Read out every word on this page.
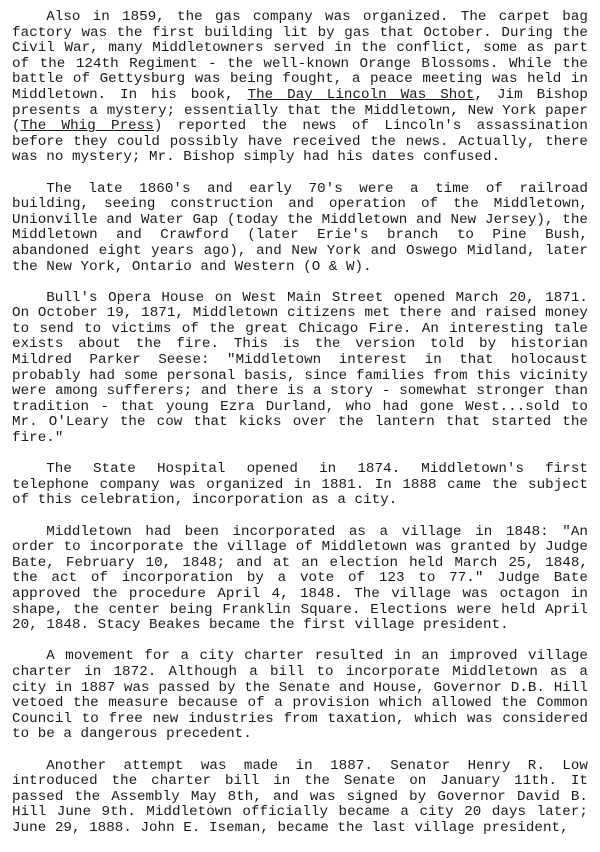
Also in 1859, the gas company was organized. The carpet bag
factory was the first building lit by gas that October. During the
Civil War, many Middletowners served in the conflict, some as part
of the 124th Regiment - the well-known Orange Blossoms. While the
battle of Gettysburg was being fought, a peace meeting was held in
Middletown. In his book, The Day Lincoln Was Shot, Jim Bishop
presents a mystery; essentially that the Middletown, New York paper
(The Whig Press) reported the news of Lincoln's assassination
before they could possibly have received the news. Actually, there
was no mystery; Mr. Bishop simply had his dates confused.
The late 1860's and early 70's were a time of railroad
building, seeing construction and operation of the Middletown,
Unionville and Water Gap (today the Middletown and New Jersey), the
Middletown and Crawford (later Erie's branch to Pine Bush,
abandoned eight years ago), and New York and Oswego Midland, later
the New York, Ontario and Western (O & W).
Bull's Opera House on West Main Street opened March 20, 1871.
On October 19, 1871, Middletown citizens met there and raised money
to send to victims of the great Chicago Fire. An interesting tale
exists about the fire. This is the version told by historian
Mildred Parker Seese: "Middletown interest in that holocaust
probably had some personal basis, since families from this vicinity
were among sufferers; and there is a story - somewhat stronger than
tradition - that young Ezra Durland, who had gone West...sold to
Mr. O'Leary the cow that kicks over the lantern that started the
fire."
The State Hospital opened in 1874. Middletown's first
telephone company was organized in 1881. In 1888 came the subject
of this celebration, incorporation as a city.
Middletown had been incorporated as a village in 1848: "An
order to incorporate the village of Middletown was granted by Judge
Bate, February 10, 1848; and at an election held March 25, 1848,
the act of incorporation by a vote of 123 to 77." Judge Bate
approved the procedure April 4, 1848. The village was octagon in
shape, the center being Franklin Square. Elections were held April
20, 1848. Stacy Beakes became the first village president.
A movement for a city charter resulted in an improved village
charter in 1872. Although a bill to incorporate Middletown as a
city in 1887 was passed by the Senate and House, Governor D.B. Hill
vetoed the measure because of a provision which allowed the Common
Council to free new industries from taxation, which was considered
to be a dangerous precedent.
Another attempt was made in 1887. Senator Henry R. Low
introduced the charter bill in the Senate on January 11th. It
passed the Assembly May 8th, and was signed by Governor David B.
Hill June 9th. Middletown officially became a city 20 days later;
June 29, 1888. John E. Iseman, became the last village president,
